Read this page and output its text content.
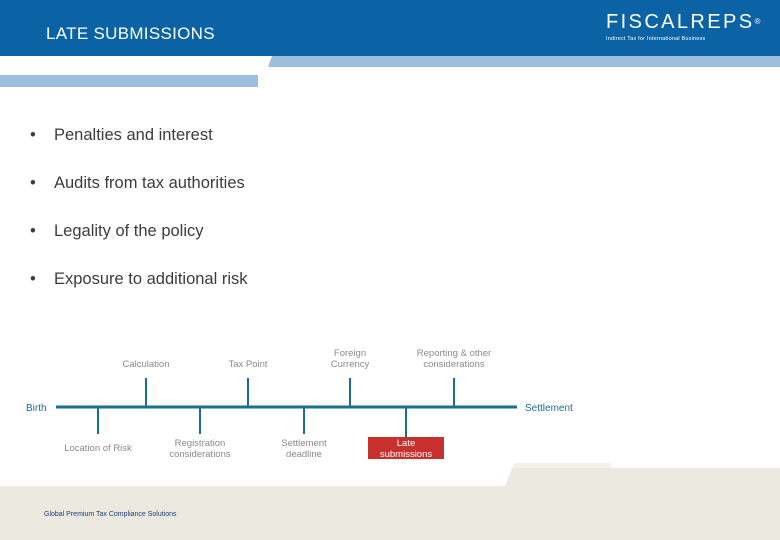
LATE SUBMISSIONS
FISCALREPS®
Indirect Tax for International Business
• Penalties and interest
• Audits from tax authorities
• Legality of the policy
• Exposure to additional risk
Birth	Settlement
Calculation	Tax Point
Foreign
Currency
Reporting & other
considerations
Location of Risk	Registration
considerations
Settlement
deadline
Late
submissions
Global Premium Tax Compliance Solutions
